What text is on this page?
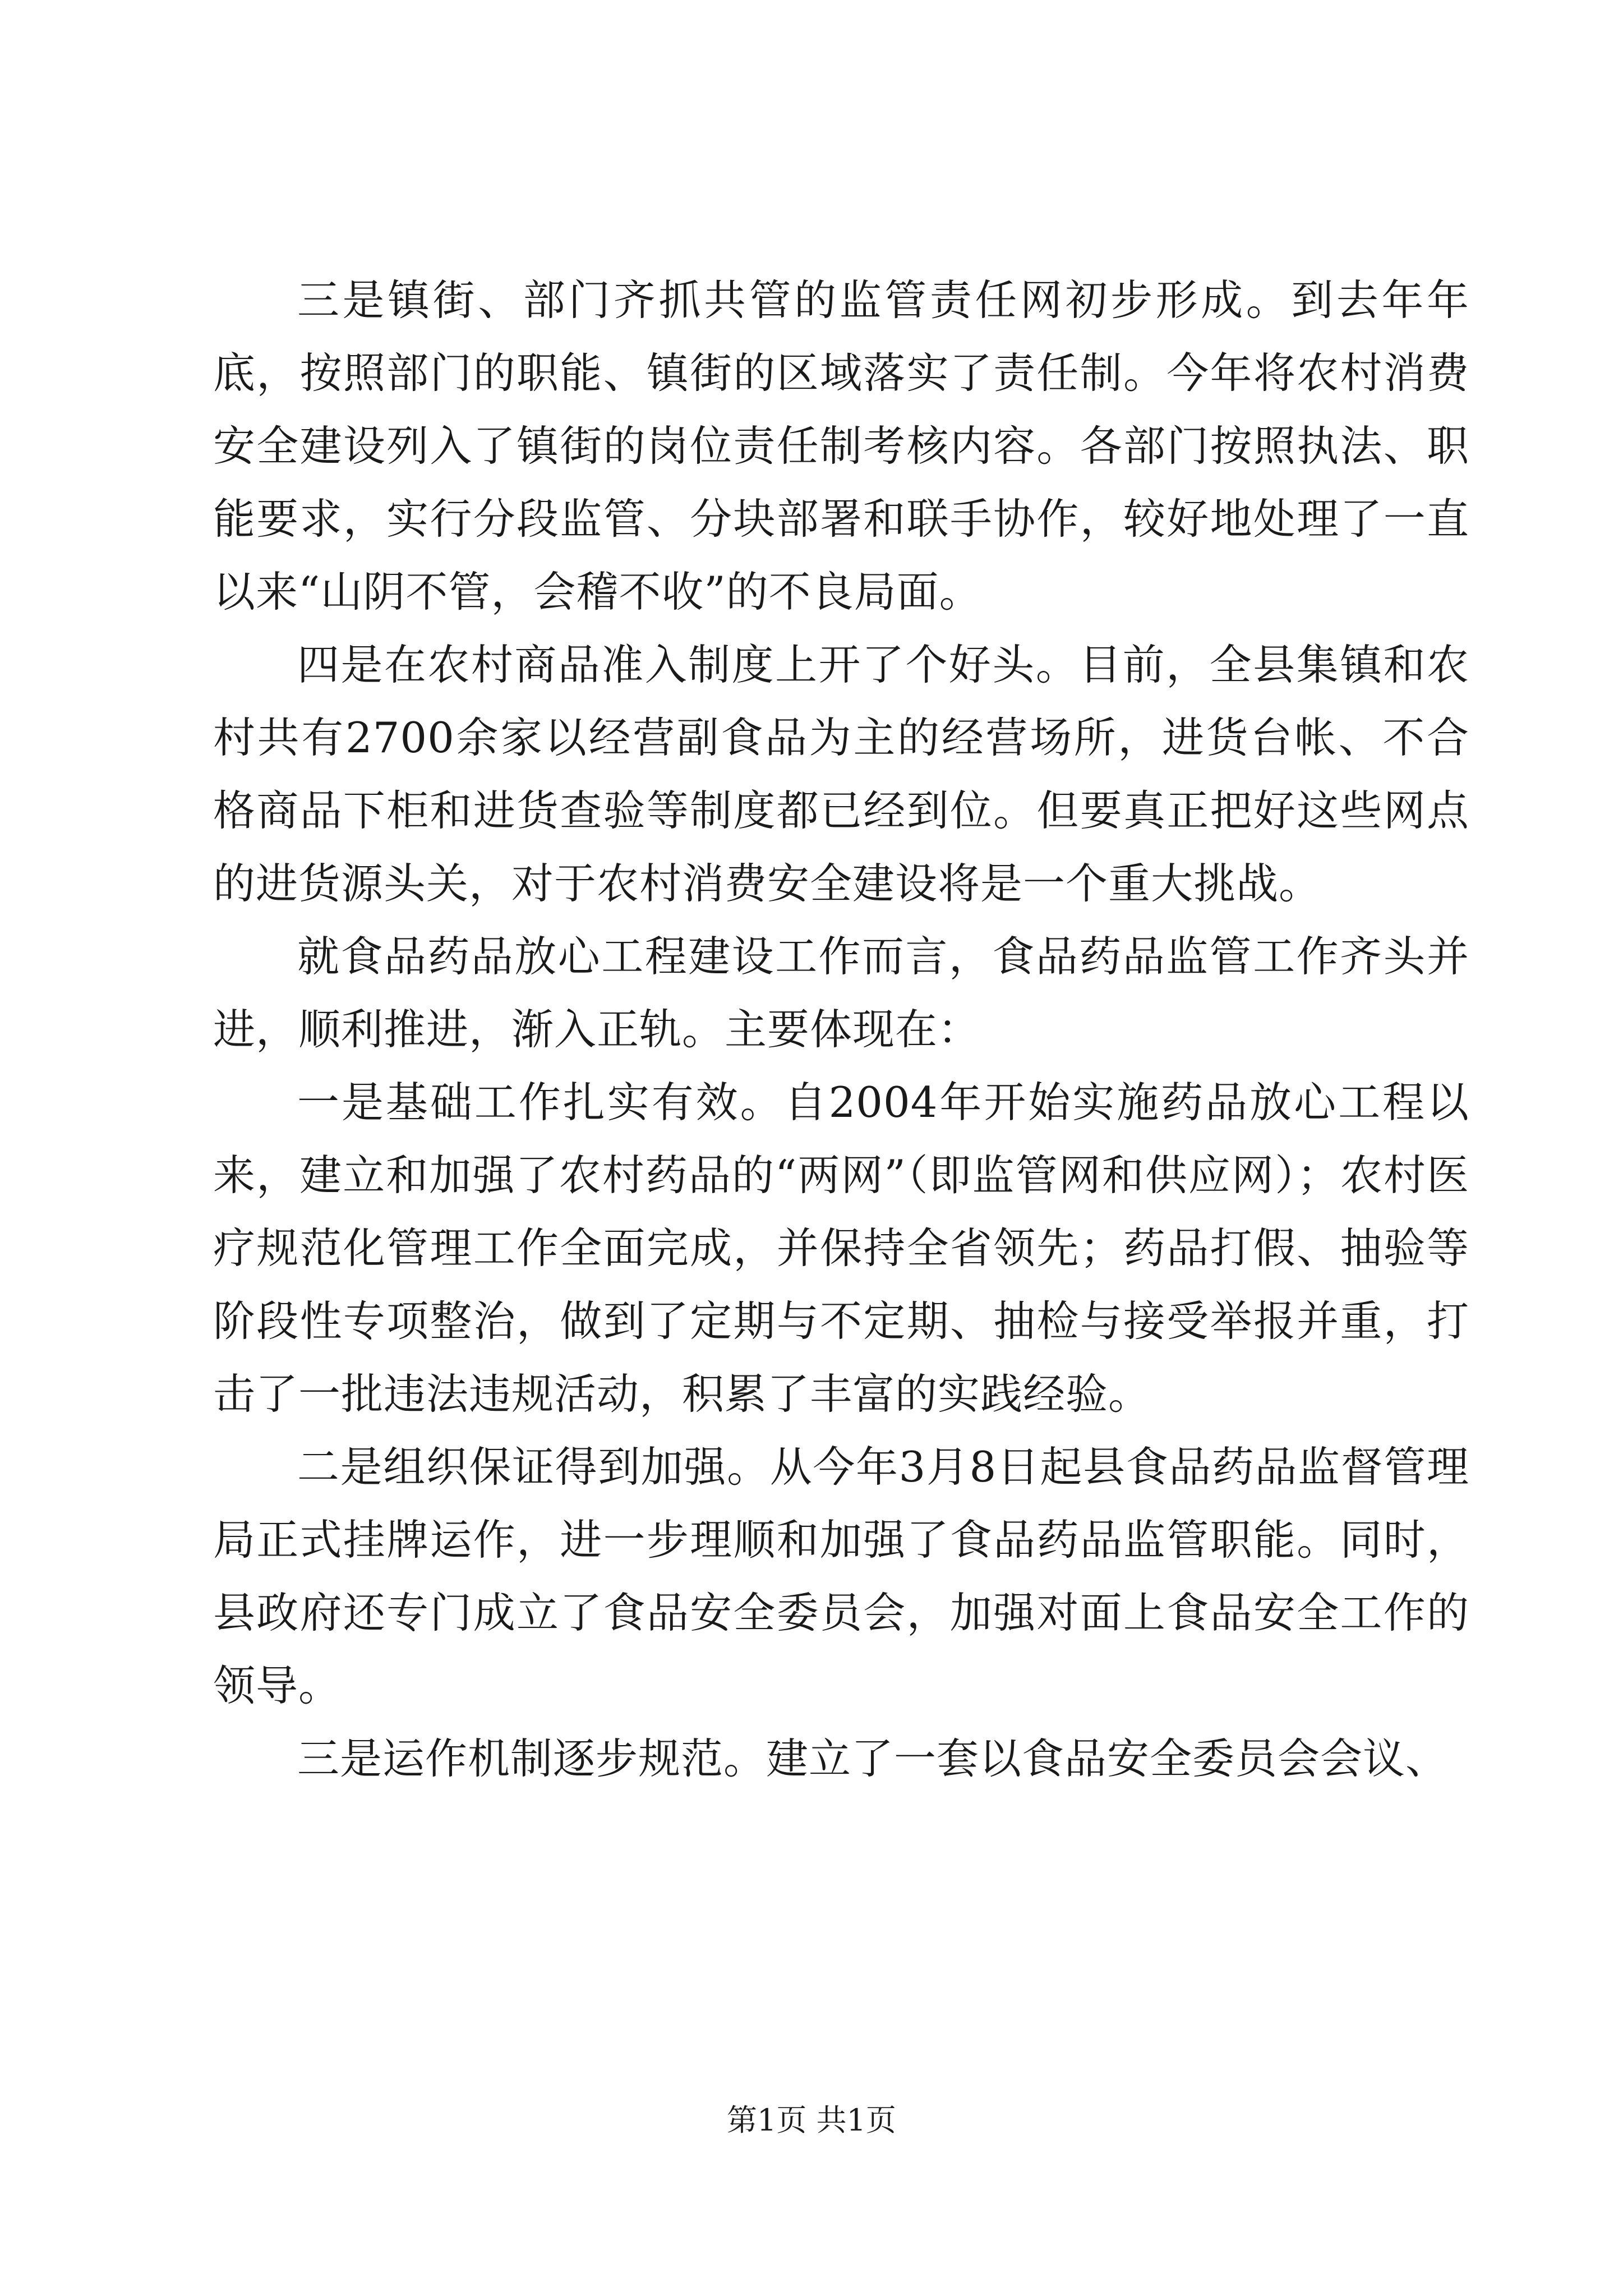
三是镇街、部门齐抓共管的监管责任网初步形成。到去年年底，按照部门的职能、镇街的区域落实了责任制。今年将农村消费安全建设列入了镇街的岗位责任制考核内容。各部门按照执法、职能要求，实行分段监管、分块部署和联手协作，较好地处理了一直以来“山阴不管，会稽不收”的不良局面。

四是在农村商品准入制度上开了个好头。目前，全县集镇和农村共有2700余家以经营副食品为主的经营场所，进货台帐、不合格商品下柜和进货查验等制度都已经到位。但要真正把好这些网点的进货源头关，对于农村消费安全建设将是一个重大挑战。

就食品药品放心工程建设工作而言，食品药品监管工作齐头并进，顺利推进，渐入正轨。主要体现在：

一是基础工作扎实有效。自2004年开始实施药品放心工程以来，建立和加强了农村药品的“两网”（即监管网和供应网）；农村医疗规范化管理工作全面完成，并保持全省领先；药品打假、抽验等阶段性专项整治，做到了定期与不定期、抽检与接受举报并重，打击了一批违法违规活动，积累了丰富的实践经验。

二是组织保证得到加强。从今年3月8日起县食品药品监督管理局正式挂牌运作，进一步理顺和加强了食品药品监管职能。同时，县政府还专门成立了食品安全委员会，加强对面上食品安全工作的领导。

三是运作机制逐步规范。建立了一套以食品安全委员会会议、

第1页 共1页
